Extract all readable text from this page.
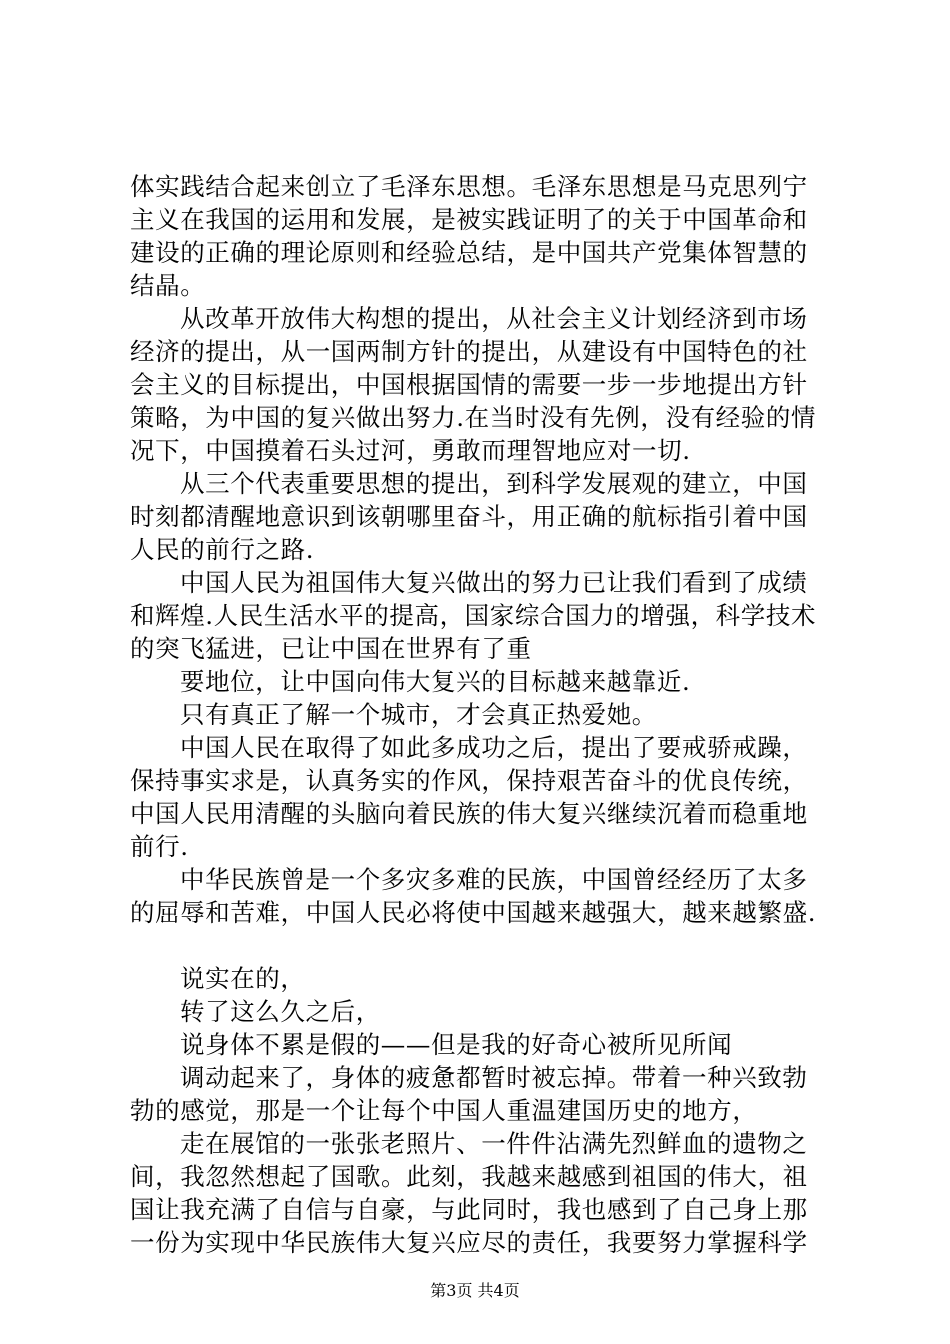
体实践结合起来创立了毛泽东思想。毛泽东思想是马克思列宁
主义在我国的运用和发展，是被实践证明了的关于中国革命和
建设的正确的理论原则和经验总结，是中国共产党集体智慧的
结晶。
从改革开放伟大构想的提出，从社会主义计划经济到市场
经济的提出，从一国两制方针的提出，从建设有中国特色的社
会主义的目标提出，中国根据国情的需要一步一步地提出方针
策略，为中国的复兴做出努力.在当时没有先例，没有经验的情
况下，中国摸着石头过河，勇敢而理智地应对一切.
从三个代表重要思想的提出，到科学发展观的建立，中国
时刻都清醒地意识到该朝哪里奋斗，用正确的航标指引着中国
人民的前行之路.
中国人民为祖国伟大复兴做出的努力已让我们看到了成绩
和辉煌.人民生活水平的提高，国家综合国力的增强，科学技术
的突飞猛进，已让中国在世界有了重
要地位，让中国向伟大复兴的目标越来越靠近.
只有真正了解一个城市，才会真正热爱她。
中国人民在取得了如此多成功之后，提出了要戒骄戒躁，
保持事实求是，认真务实的作风，保持艰苦奋斗的优良传统，
中国人民用清醒的头脑向着民族的伟大复兴继续沉着而稳重地
前行.
中华民族曾是一个多灾多难的民族，中国曾经经历了太多
的屈辱和苦难，中国人民必将使中国越来越强大，越来越繁盛.
说实在的，
转了这么久之后，
说身体不累是假的——但是我的好奇心被所见所闻
调动起来了，身体的疲惫都暂时被忘掉。带着一种兴致勃
勃的感觉，那是一个让每个中国人重温建国历史的地方，
走在展馆的一张张老照片、一件件沾满先烈鲜血的遗物之
间，我忽然想起了国歌。此刻，我越来越感到祖国的伟大，祖
国让我充满了自信与自豪，与此同时，我也感到了自己身上那
一份为实现中华民族伟大复兴应尽的责任，我要努力掌握科学
第3页 共4页
